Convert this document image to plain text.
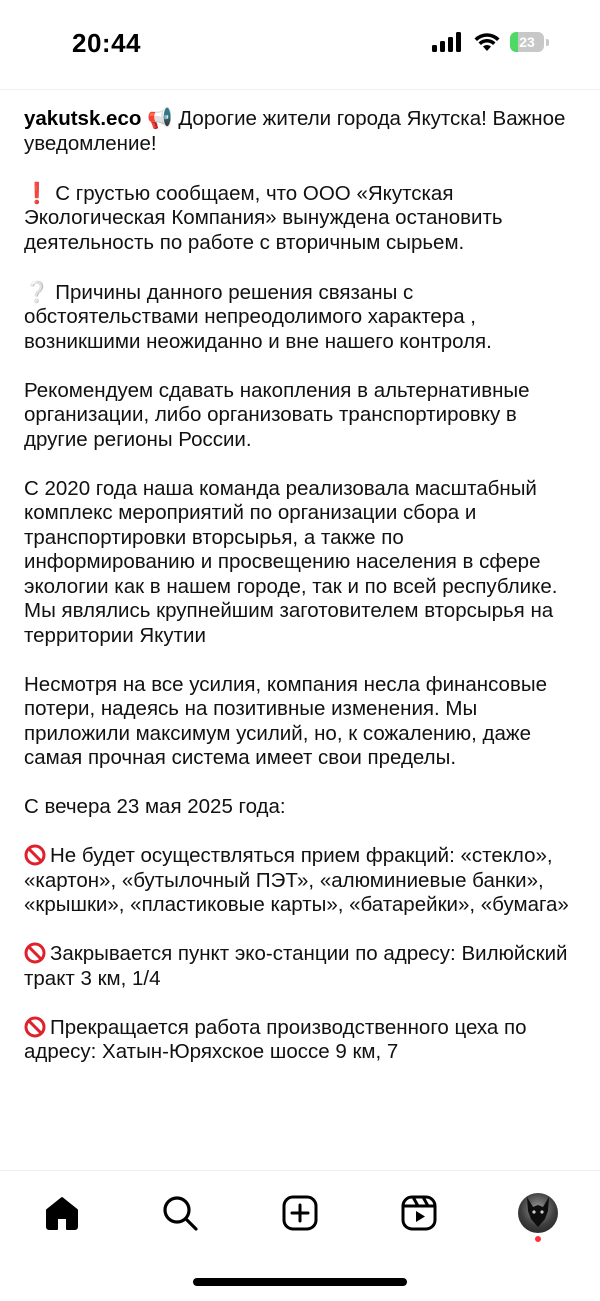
20:44	23

yakutsk.eco 📢 Дорогие жители города Якутска! Важное уведомление!

❗ С грустью сообщаем, что ООО «Якутская Экологическая Компания» вынуждена остановить деятельность по работе с вторичным сырьем.

❔ Причины данного решения связаны с обстоятельствами непреодолимого характера , возникшими неожиданно и вне нашего контроля.

Рекомендуем сдавать накопления в альтернативные организации, либо организовать транспортировку в другие регионы России.

С 2020 года наша команда реализовала масштабный комплекс мероприятий по организации сбора и транспортировки вторсырья, а также по информированию и просвещению населения в сфере экологии как в нашем городе, так и по всей республике. Мы являлись крупнейшим заготовителем вторсырья на территории Якутии

Несмотря на все усилия, компания несла финансовые потери, надеясь на позитивные изменения. Мы приложили максимум усилий, но, к сожалению, даже самая прочная система имеет свои пределы.

С вечера 23 мая 2025 года:

Не будет осуществляться прием фракций: «стекло», «картон», «бутылочный ПЭТ», «алюминиевые банки», «крышки», «пластиковые карты», «батарейки», «бумага»

Закрывается пункт эко-станции по адресу: Вилюйский тракт 3 км, 1/4

Прекращается работа производственного цеха по адресу: Хатын-Юряхское шоссе 9 км, 7
